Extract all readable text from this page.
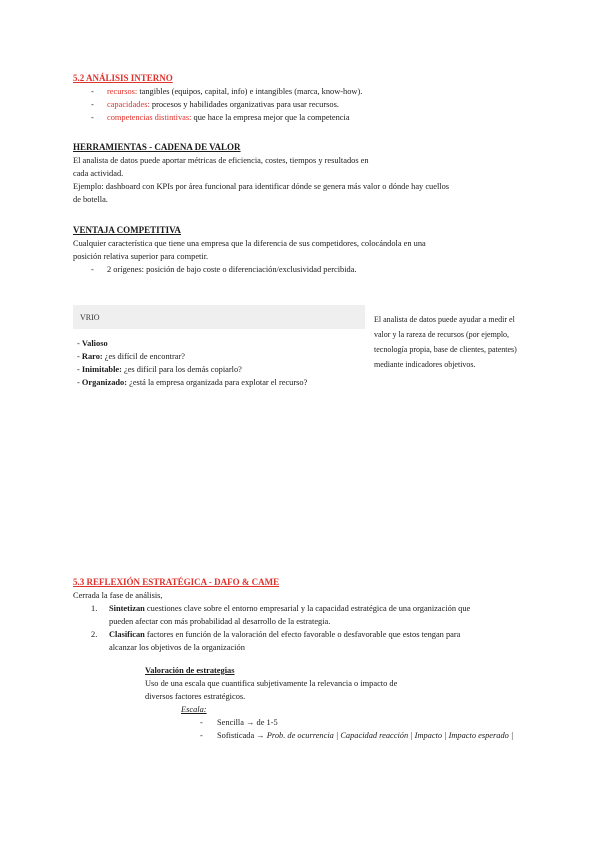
5.2 ANÁLISIS INTERNO
- recursos: tangibles (equipos, capital, info) e intangibles (marca, know-how).
- capacidades: procesos y habilidades organizativas para usar recursos.
- competencias distintivas: que hace la empresa mejor que la competencia
HERRAMIENTAS - CADENA DE VALOR
El analista de datos puede aportar métricas de eficiencia, costes, tiempos y resultados en
cada actividad.
Ejemplo: dashboard con KPIs por área funcional para identificar dónde se genera más valor o dónde hay cuellos
de botella.
VENTAJA COMPETITIVA
Cualquier característica que tiene una empresa que la diferencia de sus competidores, colocándola en una
posición relativa superior para competir.
- 2 orígenes: posición de bajo coste o diferenciación/exclusividad percibida.
VRIO
- Valioso
- Raro: ¿es difícil de encontrar?
- Inimitable: ¿es difícil para los demás copiarlo?
- Organizado: ¿está la empresa organizada para explotar el recurso?
El analista de datos puede ayudar a medir el valor y la rareza de recursos (por ejemplo, tecnología propia, base de clientes, patentes) mediante indicadores objetivos.
5.3 REFLEXIÓN ESTRATÉGICA - DAFO & CAME
Cerrada la fase de análisis,
1. Sintetizan cuestiones clave sobre el entorno empresarial y la capacidad estratégica de una organización que
pueden afectar con más probabilidad al desarrollo de la estrategia.
2. Clasifican factores en función de la valoración del efecto favorable o desfavorable que estos tengan para
alcanzar los objetivos de la organización
Valoración de estrategias
Uso de una escala que cuantifica subjetivamente la relevancia o impacto de
diversos factores estratégicos.
Escala:
- Sencilla → de 1-5
- Sofisticada → Prob. de ocurrencia | Capacidad reacción | Impacto | Impacto esperado |
